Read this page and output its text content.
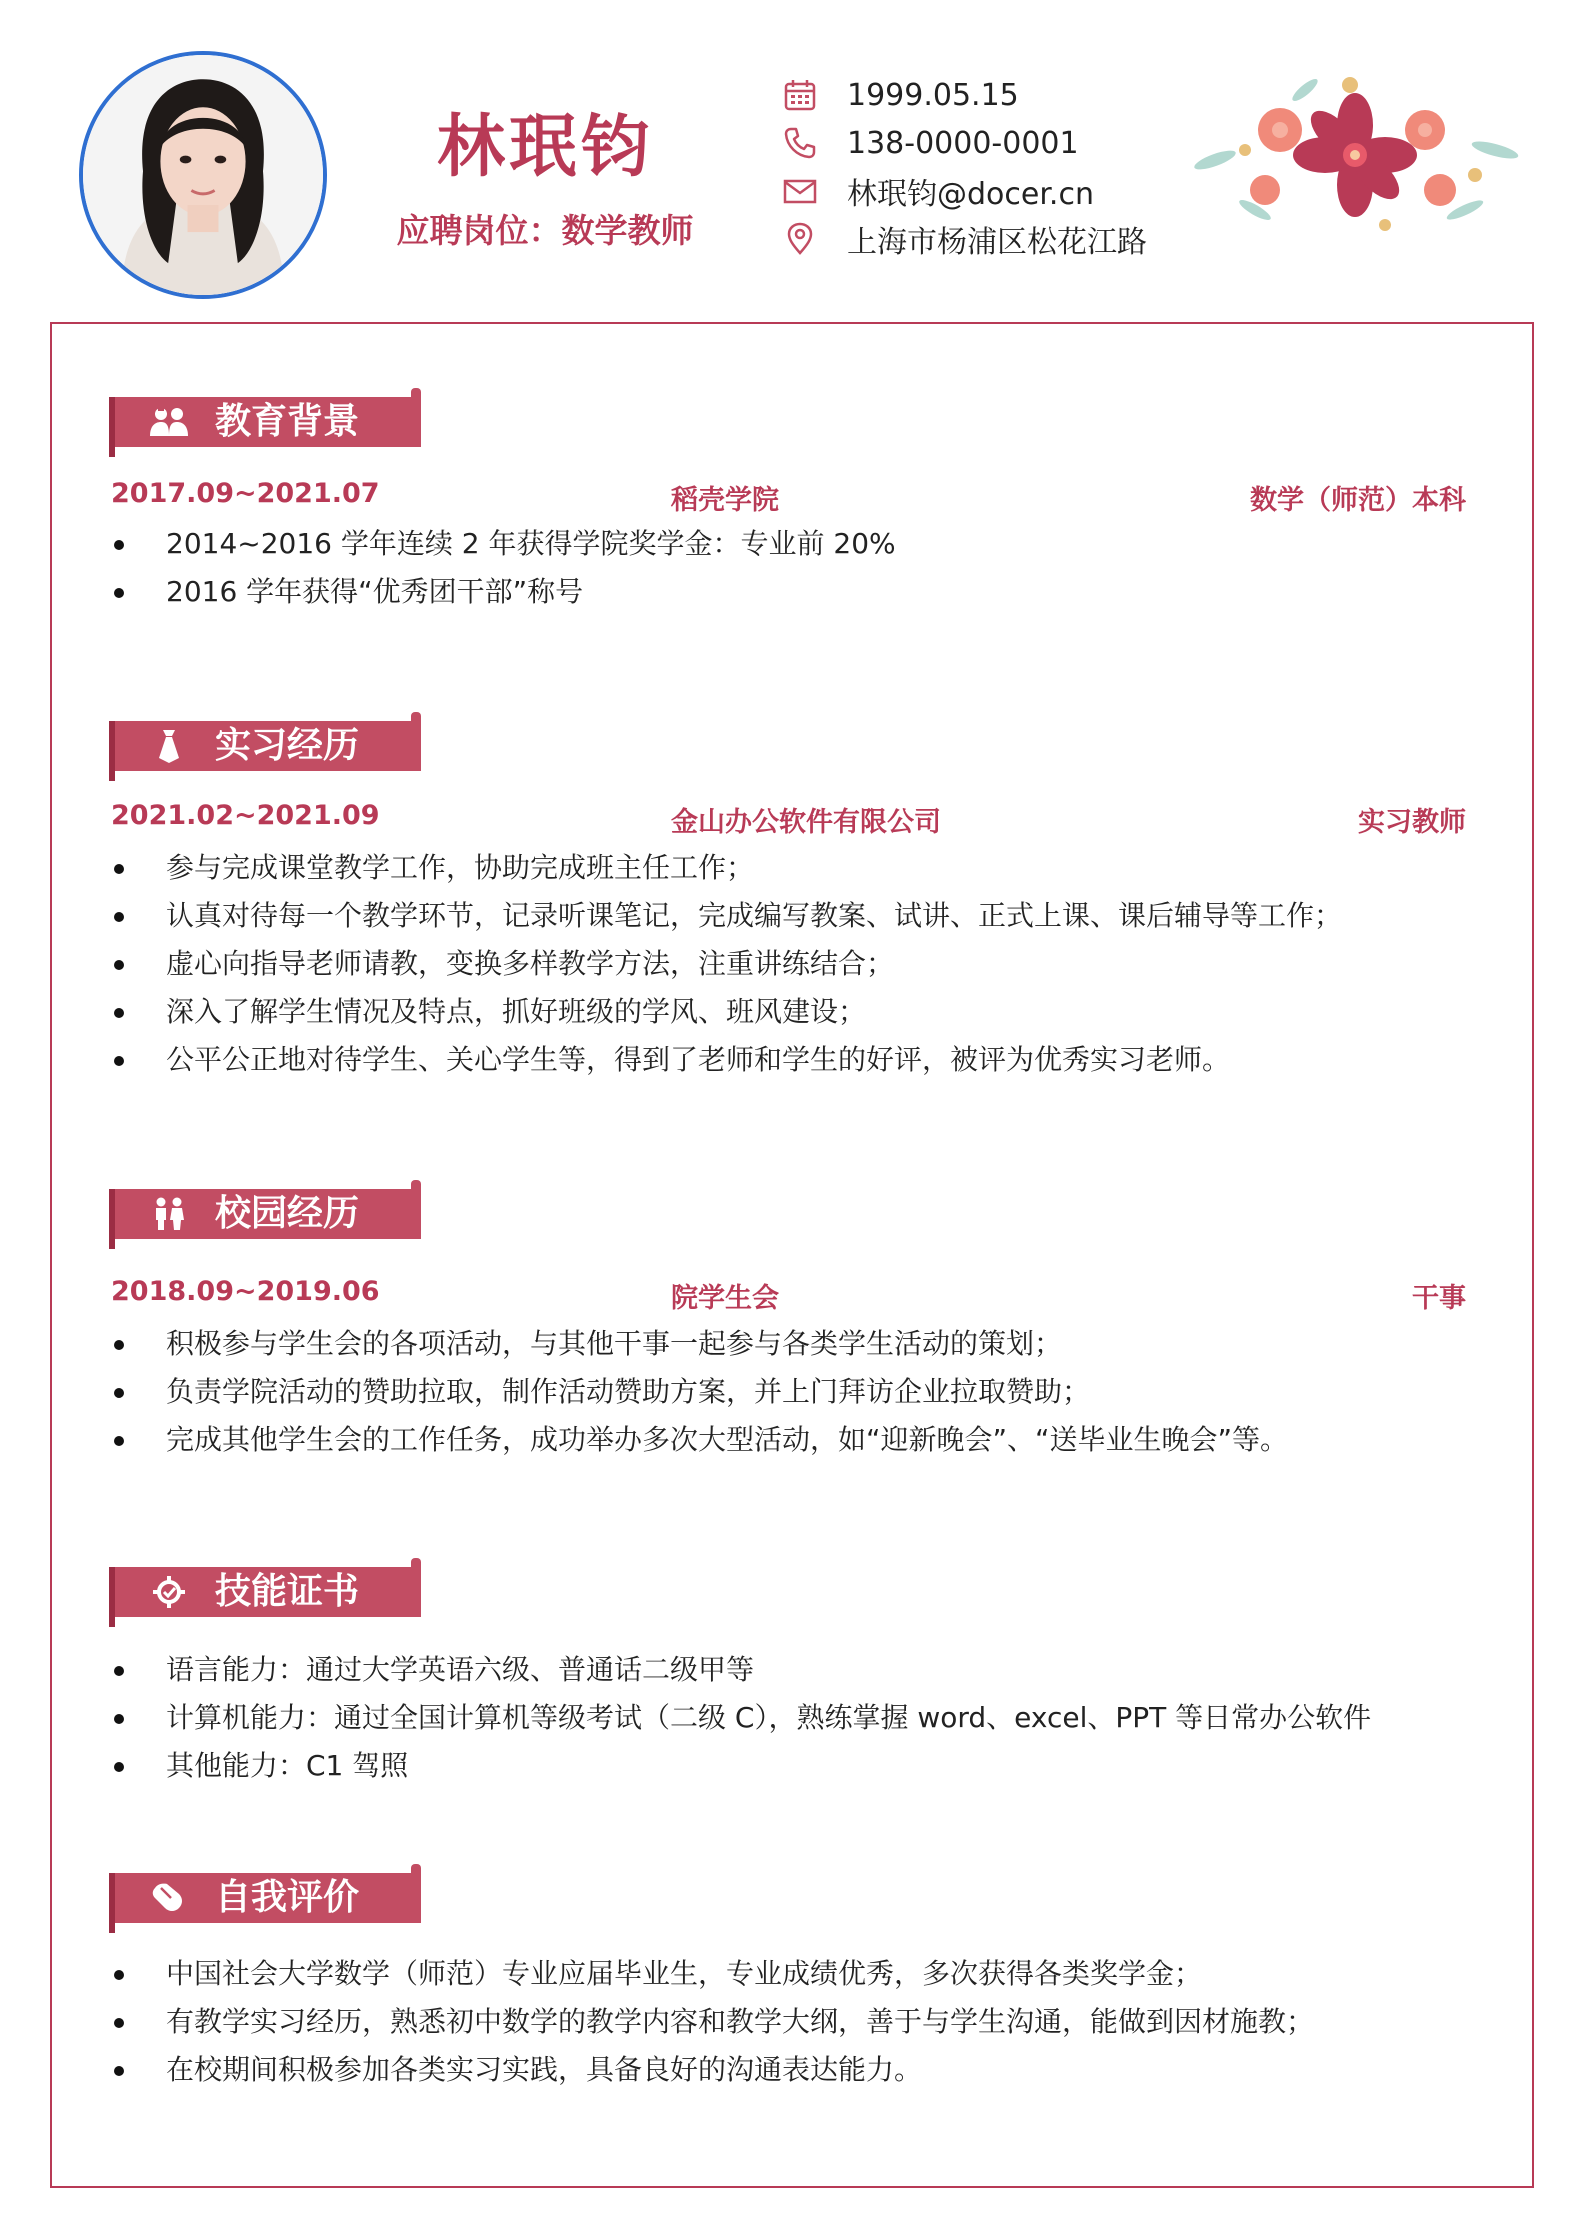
林珉钧
应聘岗位：数学教师
1999.05.15
138-0000-0001
林珉钧@docer.cn
上海市杨浦区松花江路
教育背景
2017.09~2021.07	稻壳学院	数学（师范）本科
2014~2016 学年连续 2 年获得学院奖学金：专业前 20%
2016 学年获得“优秀团干部”称号
实习经历
2021.02~2021.09	金山办公软件有限公司	实习教师
参与完成课堂教学工作，协助完成班主任工作；
认真对待每一个教学环节，记录听课笔记，完成编写教案、试讲、正式上课、课后辅导等工作；
虚心向指导老师请教，变换多样教学方法，注重讲练结合；
深入了解学生情况及特点，抓好班级的学风、班风建设；
公平公正地对待学生、关心学生等，得到了老师和学生的好评，被评为优秀实习老师。
校园经历
2018.09~2019.06	院学生会	干事
积极参与学生会的各项活动，与其他干事一起参与各类学生活动的策划；
负责学院活动的赞助拉取，制作活动赞助方案，并上门拜访企业拉取赞助；
完成其他学生会的工作任务，成功举办多次大型活动，如“迎新晚会”、“送毕业生晚会”等。
技能证书
语言能力：通过大学英语六级、普通话二级甲等
计算机能力：通过全国计算机等级考试（二级 C），熟练掌握 word、excel、PPT 等日常办公软件
其他能力：C1 驾照
自我评价
中国社会大学数学（师范）专业应届毕业生，专业成绩优秀，多次获得各类奖学金；
有教学实习经历，熟悉初中数学的教学内容和教学大纲，善于与学生沟通，能做到因材施教；
在校期间积极参加各类实习实践，具备良好的沟通表达能力。
